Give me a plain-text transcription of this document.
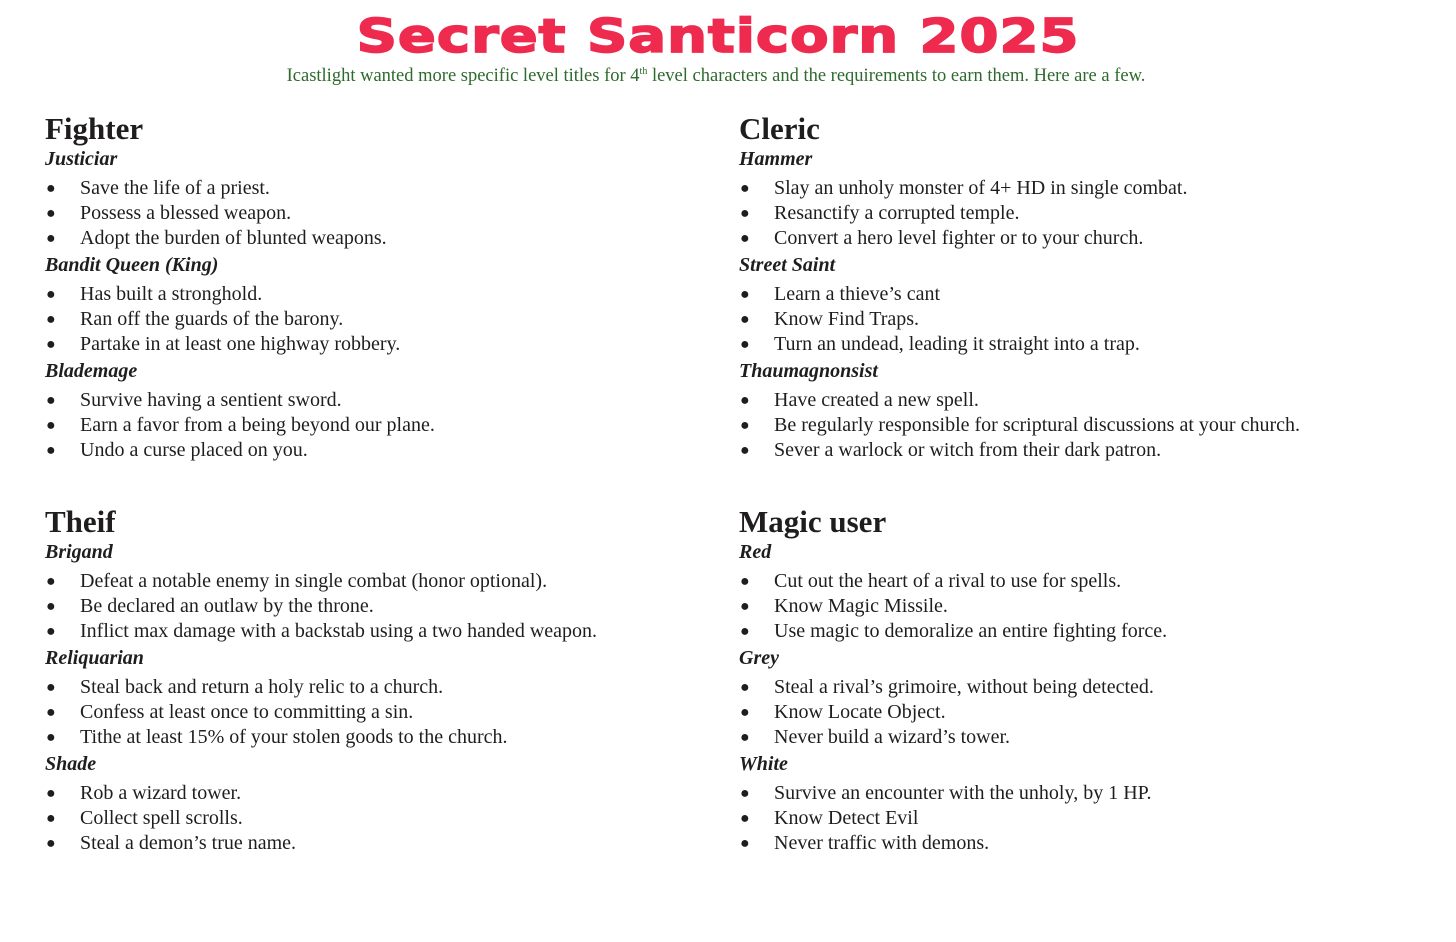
Secret Santicorn 2025
Icastlight wanted more specific level titles for 4th level characters and the requirements to earn them. Here are a few.
Fighter
Justiciar
● Save the life of a priest.
● Possess a blessed weapon.
● Adopt the burden of blunted weapons.
Bandit Queen (King)
● Has built a stronghold.
● Ran off the guards of the barony.
● Partake in at least one highway robbery.
Blademage
● Survive having a sentient sword.
● Earn a favor from a being beyond our plane.
● Undo a curse placed on you.
Cleric
Hammer
● Slay an unholy monster of 4+ HD in single combat.
● Resanctify a corrupted temple.
● Convert a hero level fighter or to your church.
Street Saint
● Learn a thieve’s cant
● Know Find Traps.
● Turn an undead, leading it straight into a trap.
Thaumagnonsist
● Have created a new spell.
● Be regularly responsible for scriptural discussions at your church.
● Sever a warlock or witch from their dark patron.
Theif
Brigand
● Defeat a notable enemy in single combat (honor optional).
● Be declared an outlaw by the throne.
● Inflict max damage with a backstab using a two handed weapon.
Reliquarian
● Steal back and return a holy relic to a church.
● Confess at least once to committing a sin.
● Tithe at least 15% of your stolen goods to the church.
Shade
● Rob a wizard tower.
● Collect spell scrolls.
● Steal a demon’s true name.
Magic user
Red
● Cut out the heart of a rival to use for spells.
● Know Magic Missile.
● Use magic to demoralize an entire fighting force.
Grey
● Steal a rival’s grimoire, without being detected.
● Know Locate Object.
● Never build a wizard’s tower.
White
● Survive an encounter with the unholy, by 1 HP.
● Know Detect Evil
● Never traffic with demons.
